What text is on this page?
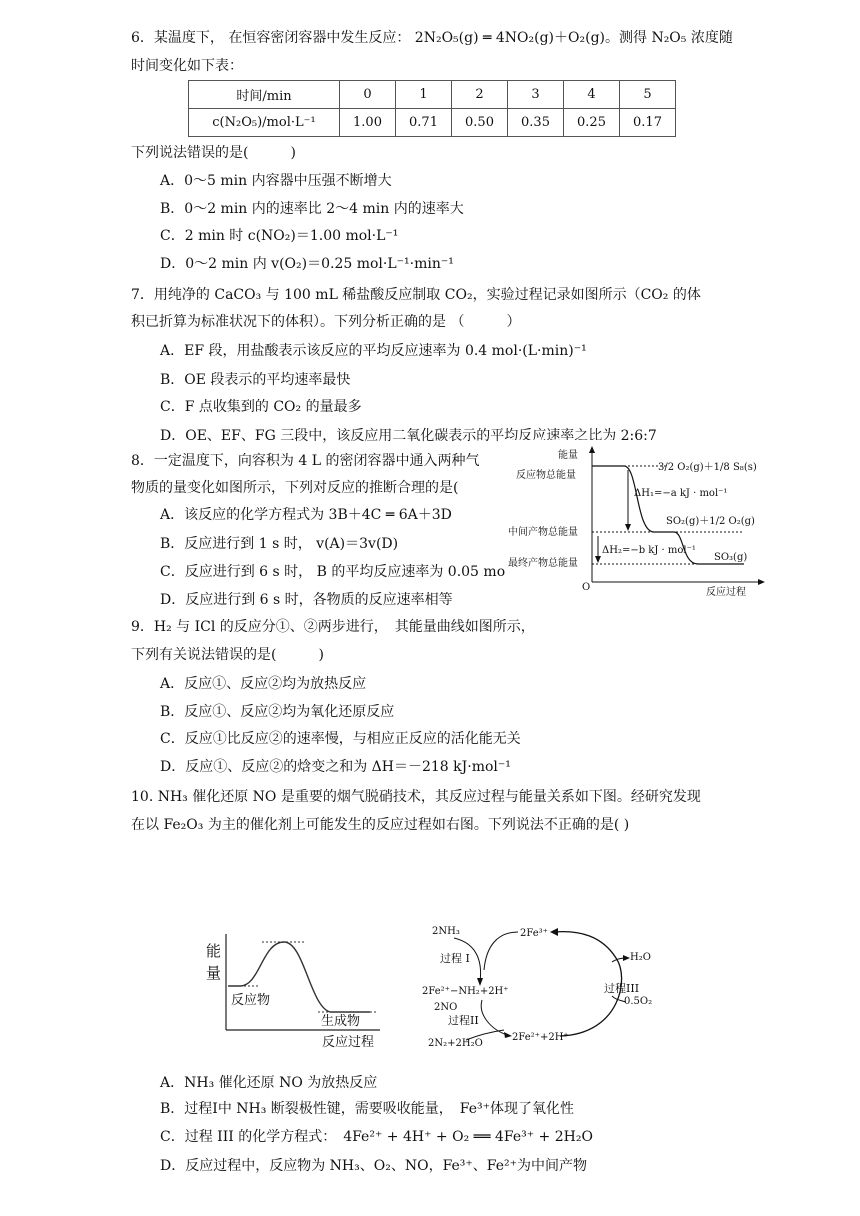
6．某温度下， 在恒容密闭容器中发生反应： 2N₂O₅(g) ═ 4NO₂(g)＋O₂(g)。测得 N₂O₅ 浓度随
时间变化如下表：
时间/min	0	1	2	3	4	5
c(N₂O₅)/mol·L⁻¹	1.00	0.71	0.50	0.35	0.25	0.17
下列说法错误的是(　　　)
A．0～5 min 内容器中压强不断增大
B．0～2 min 内的速率比 2～4 min 内的速率大
C．2 min 时 c(NO₂)＝1.00 mol·L⁻¹
D．0～2 min 内 v(O₂)＝0.25 mol·L⁻¹·min⁻¹
7．用纯净的 CaCO₃ 与 100 mL 稀盐酸反应制取 CO₂，实验过程记录如图所示（CO₂ 的体
积已折算为标准状况下的体积）。下列分析正确的是 （　　　）
A．EF 段，用盐酸表示该反应的平均反应速率为 0.4 mol·(L·min)⁻¹
B．OE 段表示的平均速率最快
C．F 点收集到的 CO₂ 的量最多
D．OE、EF、FG 三段中，该反应用二氧化碳表示的平均反应速率之比为 2:6:7
8．一定温度下，向容积为 4 L 的密闭容器中通入两种气
物质的量变化如图所示，下列对反应的推断合理的是(
A．该反应的化学方程式为 3B＋4C ═ 6A＋3D
B．反应进行到 1 s 时， v(A)＝3v(D)
C．反应进行到 6 s 时， B 的平均反应速率为 0.05 mo
D．反应进行到 6 s 时，各物质的反应速率相等
能量
反应物总能量
中间产物总能量
最终产物总能量
O	反应过程
ΔH₁=−a kJ · mol⁻¹
ΔH₂=−b kJ · mol⁻¹
3/2 O₂(g)＋1/8 S₈(s)
SO₂(g)＋1/2 O₂(g)
SO₃(g)
9．H₂ 与 ICl 的反应分①、②两步进行，　其能量曲线如图所示，
下列有关说法错误的是(　　　)
A．反应①、反应②均为放热反应
B．反应①、反应②均为氧化还原反应
C．反应①比反应②的速率慢，与相应正反应的活化能无关
D．反应①、反应②的焓变之和为 ΔH＝－218 kJ·mol⁻¹
10. NH₃ 催化还原 NO 是重要的烟气脱硝技术，其反应过程与能量关系如下图。经研究发现
在以 Fe₂O₃ 为主的催化剂上可能发生的反应过程如右图。下列说法不正确的是( )
能
量
反应物
生成物
反应过程
2NH₃	2Fe³⁺
过程 I
2Fe²⁺−NH₂+2H⁺
2NO
过程II
2N₂+2H₂O
2Fe²⁺+2H⁺
H₂O
过程III
0.5O₂
A．NH₃ 催化还原 NO 为放热反应
B．过程Ⅰ中 NH₃ 断裂极性键，需要吸收能量，　Fe³⁺体现了氧化性
C．过程 III 的化学方程式：　4Fe²⁺ + 4H⁺ + O₂ ══ 4Fe³⁺ + 2H₂O
D．反应过程中，反应物为 NH₃、O₂、NO，Fe³⁺、Fe²⁺为中间产物
